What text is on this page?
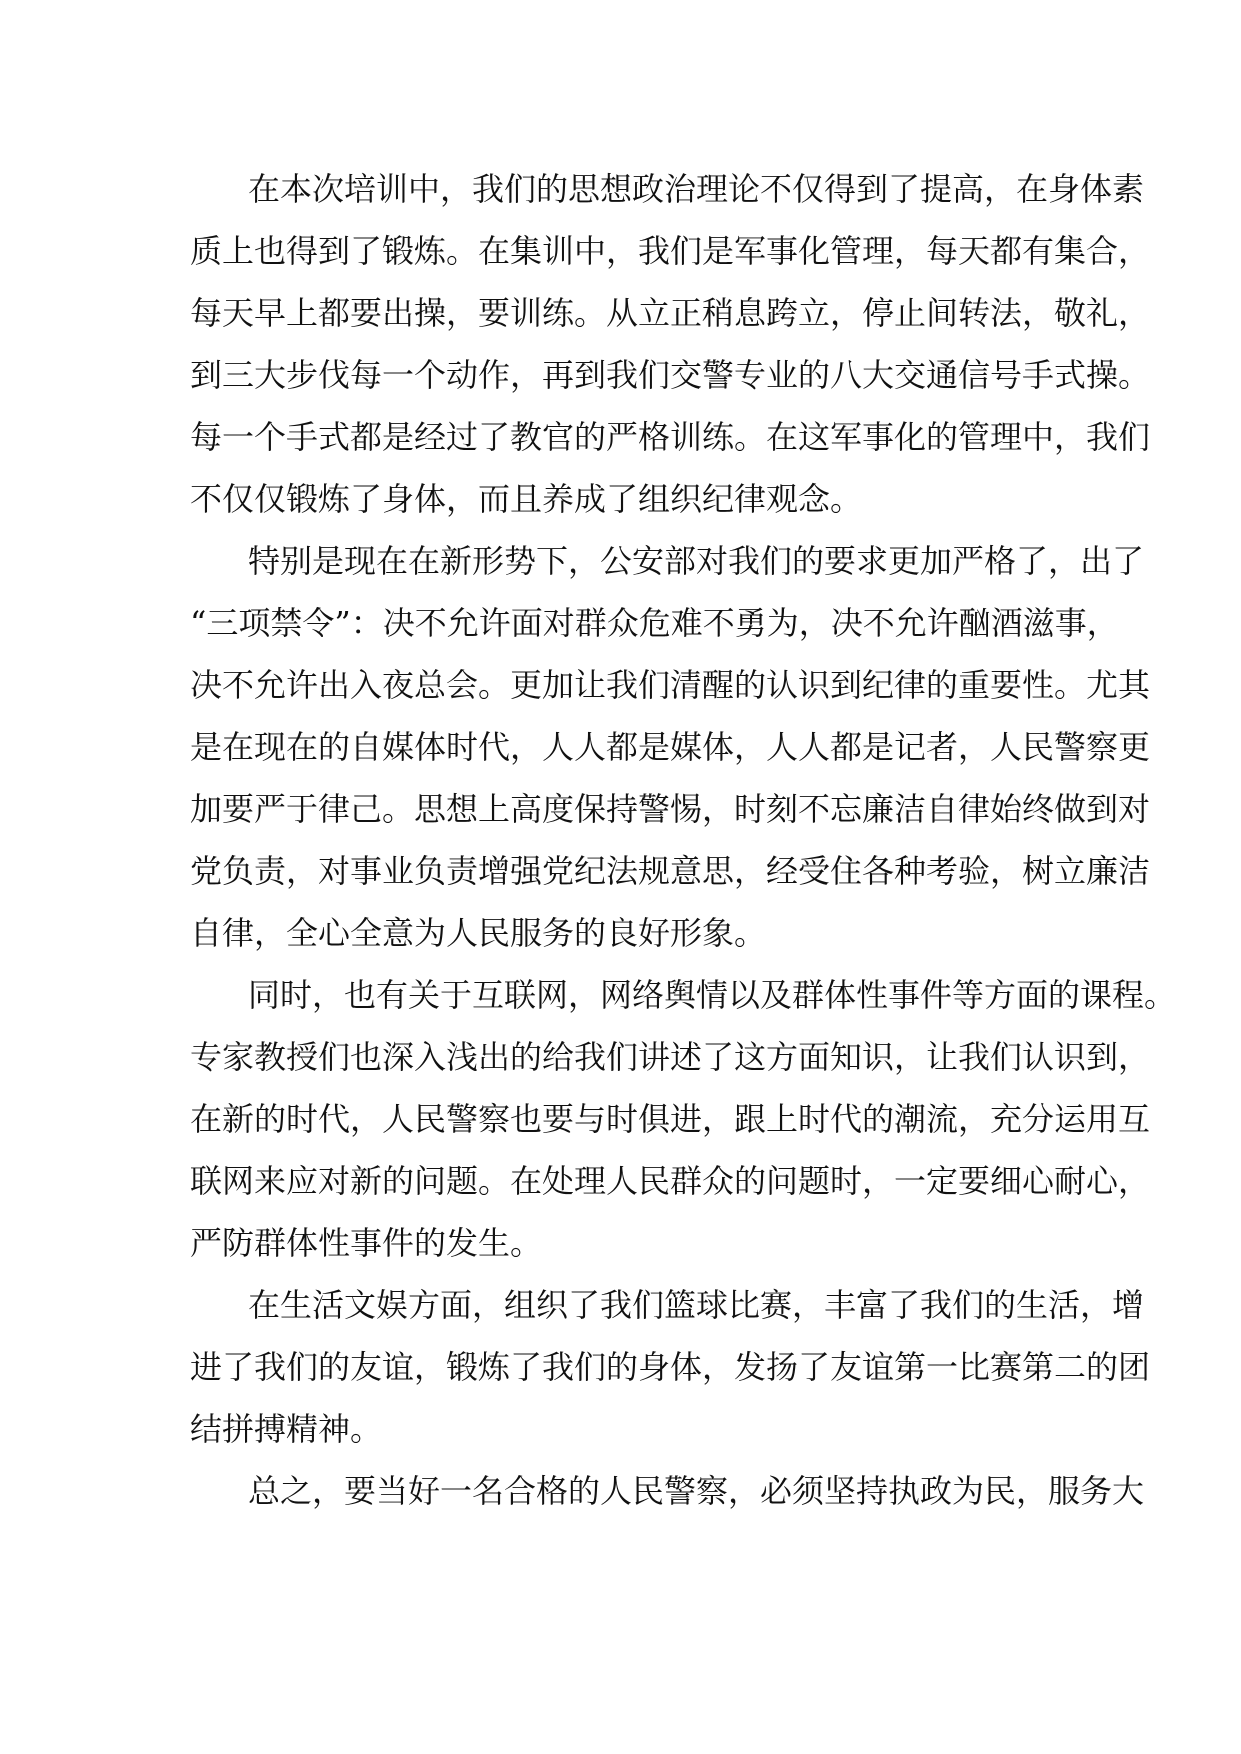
在本次培训中，我们的思想政治理论不仅得到了提高，在身体素
质上也得到了锻炼。在集训中，我们是军事化管理，每天都有集合，
每天早上都要出操，要训练。从立正稍息跨立，停止间转法，敬礼，
到三大步伐每一个动作，再到我们交警专业的八大交通信号手式操。
每一个手式都是经过了教官的严格训练。在这军事化的管理中，我们
不仅仅锻炼了身体，而且养成了组织纪律观念。
特别是现在在新形势下，公安部对我们的要求更加严格了，出了
“三项禁令”：决不允许面对群众危难不勇为，决不允许酗酒滋事，
决不允许出入夜总会。更加让我们清醒的认识到纪律的重要性。尤其
是在现在的自媒体时代，人人都是媒体，人人都是记者，人民警察更
加要严于律己。思想上高度保持警惕，时刻不忘廉洁自律始终做到对
党负责，对事业负责增强党纪法规意思，经受住各种考验，树立廉洁
自律，全心全意为人民服务的良好形象。
同时，也有关于互联网，网络舆情以及群体性事件等方面的课程。
专家教授们也深入浅出的给我们讲述了这方面知识，让我们认识到，
在新的时代，人民警察也要与时俱进，跟上时代的潮流，充分运用互
联网来应对新的问题。在处理人民群众的问题时，一定要细心耐心，
严防群体性事件的发生。
在生活文娱方面，组织了我们篮球比赛，丰富了我们的生活，增
进了我们的友谊，锻炼了我们的身体，发扬了友谊第一比赛第二的团
结拼搏精神。
总之，要当好一名合格的人民警察，必须坚持执政为民，服务大
